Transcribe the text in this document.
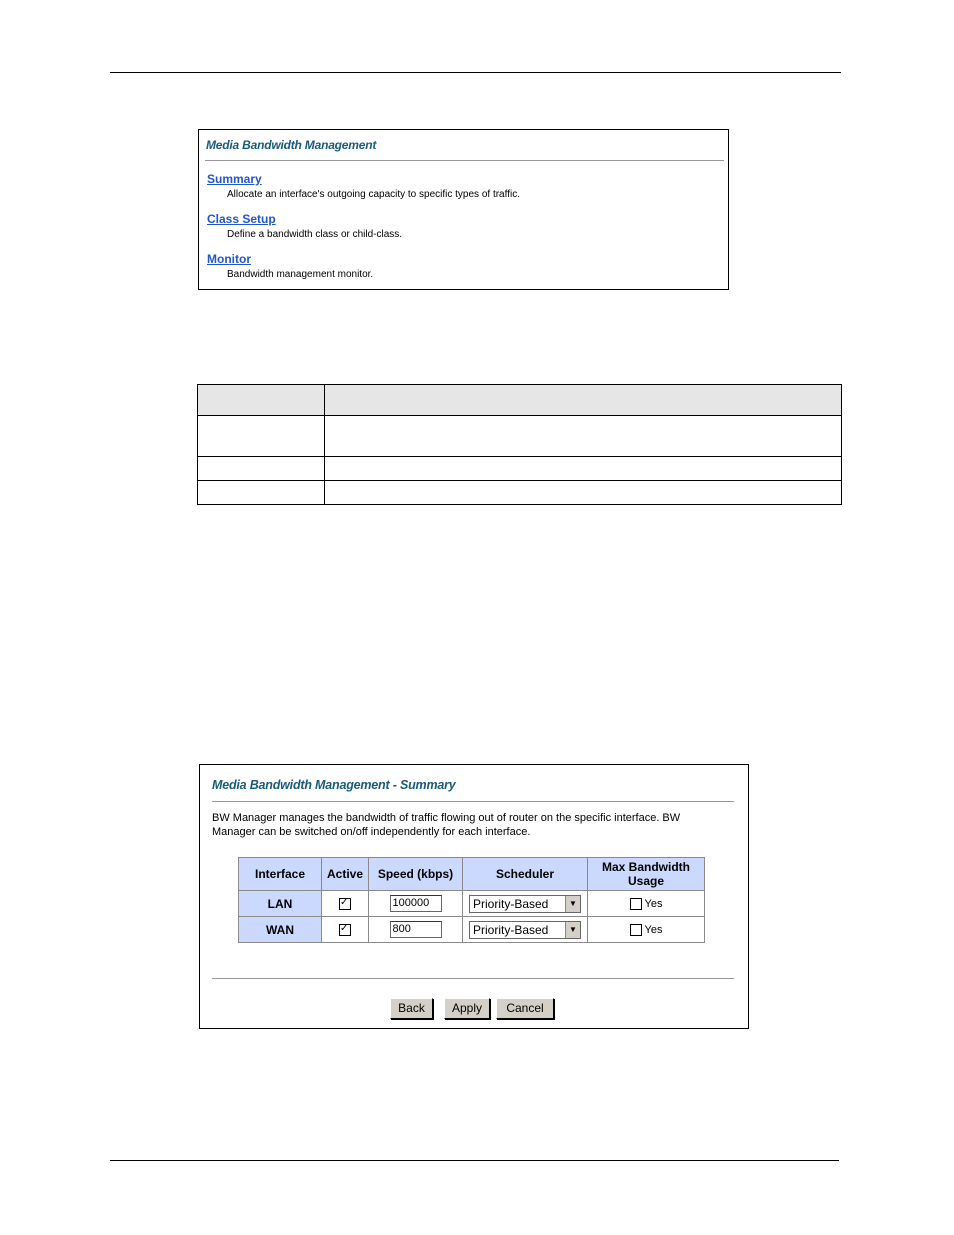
Media Bandwidth Management
Summary
Allocate an interface's outgoing capacity to specific types of traffic.
Class Setup
Define a bandwidth class or child-class.
Monitor
Bandwidth management monitor.

Media Bandwidth Management - Summary
BW Manager manages the bandwidth of traffic flowing out of router on the specific interface. BW Manager can be switched on/off independently for each interface.
Interface	Active	Speed (kbps)	Scheduler	Max Bandwidth Usage
LAN	✓	100000	Priority-Based ▼	Yes
WAN	✓	800	Priority-Based ▼	Yes
Back	Apply	Cancel
